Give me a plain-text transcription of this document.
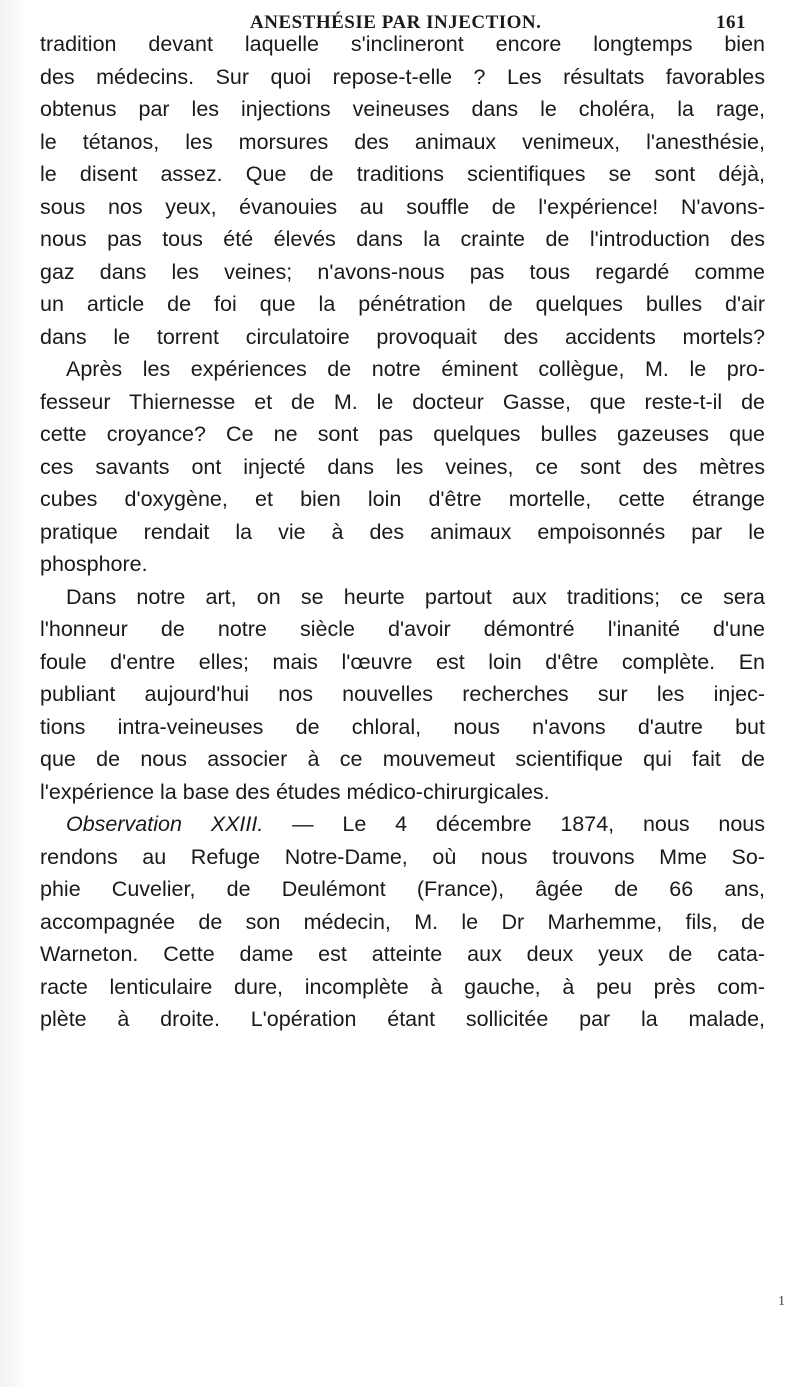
ANESTHÉSIE PAR INJECTION.	161
tradition devant laquelle s'inclineront encore longtemps bien
des médecins. Sur quoi repose-t-elle ? Les résultats favorables
obtenus par les injections veineuses dans le choléra, la rage,
le tétanos, les morsures des animaux venimeux, l'anesthésie,
le disent assez. Que de traditions scientifiques se sont déjà,
sous nos yeux, évanouies au souffle de l'expérience! N'avons-
nous pas tous été élevés dans la crainte de l'introduction des
gaz dans les veines; n'avons-nous pas tous regardé comme
un article de foi que la pénétration de quelques bulles d'air
dans le torrent circulatoire provoquait des accidents mortels?
Après les expériences de notre éminent collègue, M. le pro-
fesseur Thiernesse et de M. le docteur Gasse, que reste-t-il de
cette croyance? Ce ne sont pas quelques bulles gazeuses que
ces savants ont injecté dans les veines, ce sont des mètres
cubes d'oxygène, et bien loin d'être mortelle, cette étrange
pratique rendait la vie à des animaux empoisonnés par le
phosphore.
Dans notre art, on se heurte partout aux traditions; ce sera
l'honneur de notre siècle d'avoir démontré l'inanité d'une
foule d'entre elles; mais l'œuvre est loin d'être complète. En
publiant aujourd'hui nos nouvelles recherches sur les injec-
tions intra-veineuses de chloral, nous n'avons d'autre but
que de nous associer à ce mouvemeut scientifique qui fait de
l'expérience la base des études médico-chirurgicales.
Observation XXIII. — Le 4 décembre 1874, nous nous
rendons au Refuge Notre-Dame, où nous trouvons Mme So-
phie Cuvelier, de Deulémont (France), âgée de 66 ans,
accompagnée de son médecin, M. le Dr Marhemme, fils, de
Warneton. Cette dame est atteinte aux deux yeux de cata-
racte lenticulaire dure, incomplète à gauche, à peu près com-
plète à droite. L'opération étant sollicitée par la malade,
1
